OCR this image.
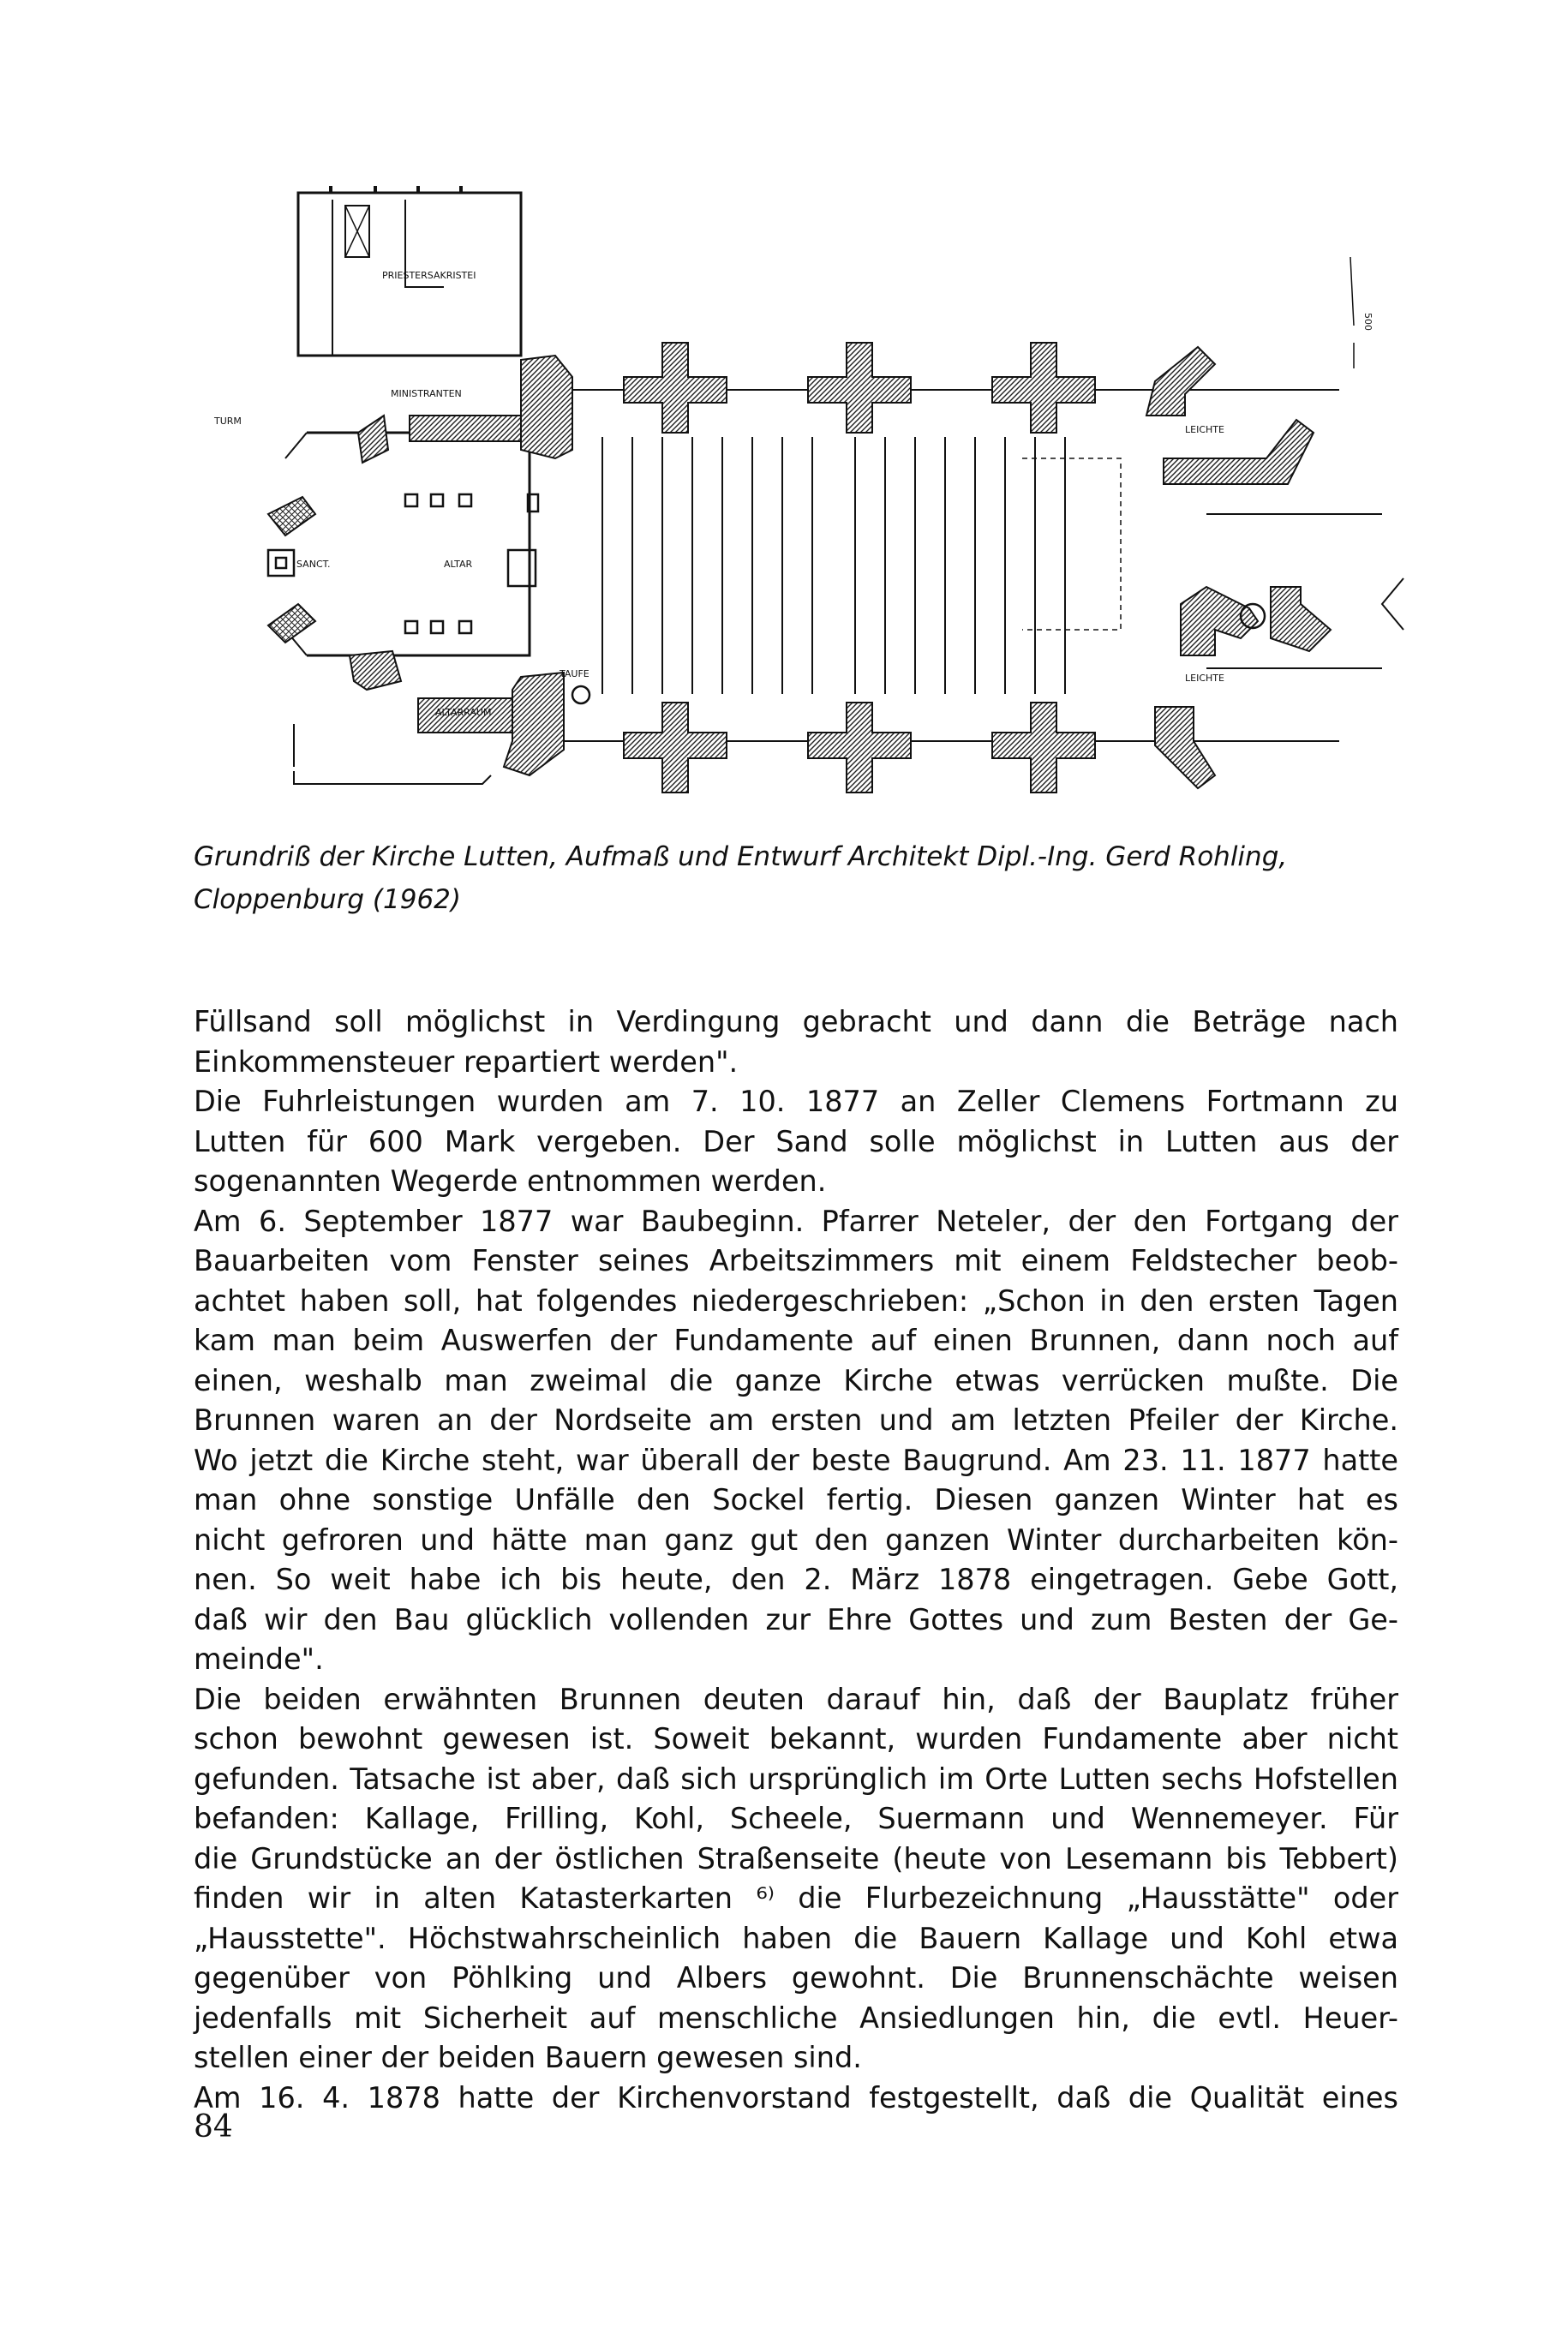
PRIESTERSAKRISTEI
MINISTRANTEN
SANCT.	ALTAR
ALTARRAUM
TAUFE
LEICHTE
LEICHTE
TURM
500
Grundriß der Kirche Lutten, Aufmaß und Entwurf Architekt Dipl.-Ing. Gerd Rohling,
Cloppenburg (1962)
Füllsand soll möglichst in Verdingung gebracht und dann die Beträge nach
Einkommensteuer repartiert werden".
Die Fuhrleistungen wurden am 7. 10. 1877 an Zeller Clemens Fortmann zu
Lutten für 600 Mark vergeben. Der Sand solle möglichst in Lutten aus der
sogenannten Wegerde entnommen werden.
Am 6. September 1877 war Baubeginn. Pfarrer Neteler, der den Fortgang der
Bauarbeiten vom Fenster seines Arbeitszimmers mit einem Feldstecher beob-
achtet haben soll, hat folgendes niedergeschrieben: „Schon in den ersten Tagen
kam man beim Auswerfen der Fundamente auf einen Brunnen, dann noch auf
einen, weshalb man zweimal die ganze Kirche etwas verrücken mußte. Die
Brunnen waren an der Nordseite am ersten und am letzten Pfeiler der Kirche.
Wo jetzt die Kirche steht, war überall der beste Baugrund. Am 23. 11. 1877 hatte
man ohne sonstige Unfälle den Sockel fertig. Diesen ganzen Winter hat es
nicht gefroren und hätte man ganz gut den ganzen Winter durcharbeiten kön-
nen. So weit habe ich bis heute, den 2. März 1878 eingetragen. Gebe Gott,
daß wir den Bau glücklich vollenden zur Ehre Gottes und zum Besten der Ge-
meinde".
Die beiden erwähnten Brunnen deuten darauf hin, daß der Bauplatz früher
schon bewohnt gewesen ist. Soweit bekannt, wurden Fundamente aber nicht
gefunden. Tatsache ist aber, daß sich ursprünglich im Orte Lutten sechs Hofstellen
befanden: Kallage, Frilling, Kohl, Scheele, Suermann und Wennemeyer. Für
die Grundstücke an der östlichen Straßenseite (heute von Lesemann bis Tebbert)
finden wir in alten Katasterkarten ⁶⁾ die Flurbezeichnung „Hausstätte" oder
„Hausstette". Höchstwahrscheinlich haben die Bauern Kallage und Kohl etwa
gegenüber von Pöhlking und Albers gewohnt. Die Brunnenschächte weisen
jedenfalls mit Sicherheit auf menschliche Ansiedlungen hin, die evtl. Heuer-
stellen einer der beiden Bauern gewesen sind.
Am 16. 4. 1878 hatte der Kirchenvorstand festgestellt, daß die Qualität eines
84
